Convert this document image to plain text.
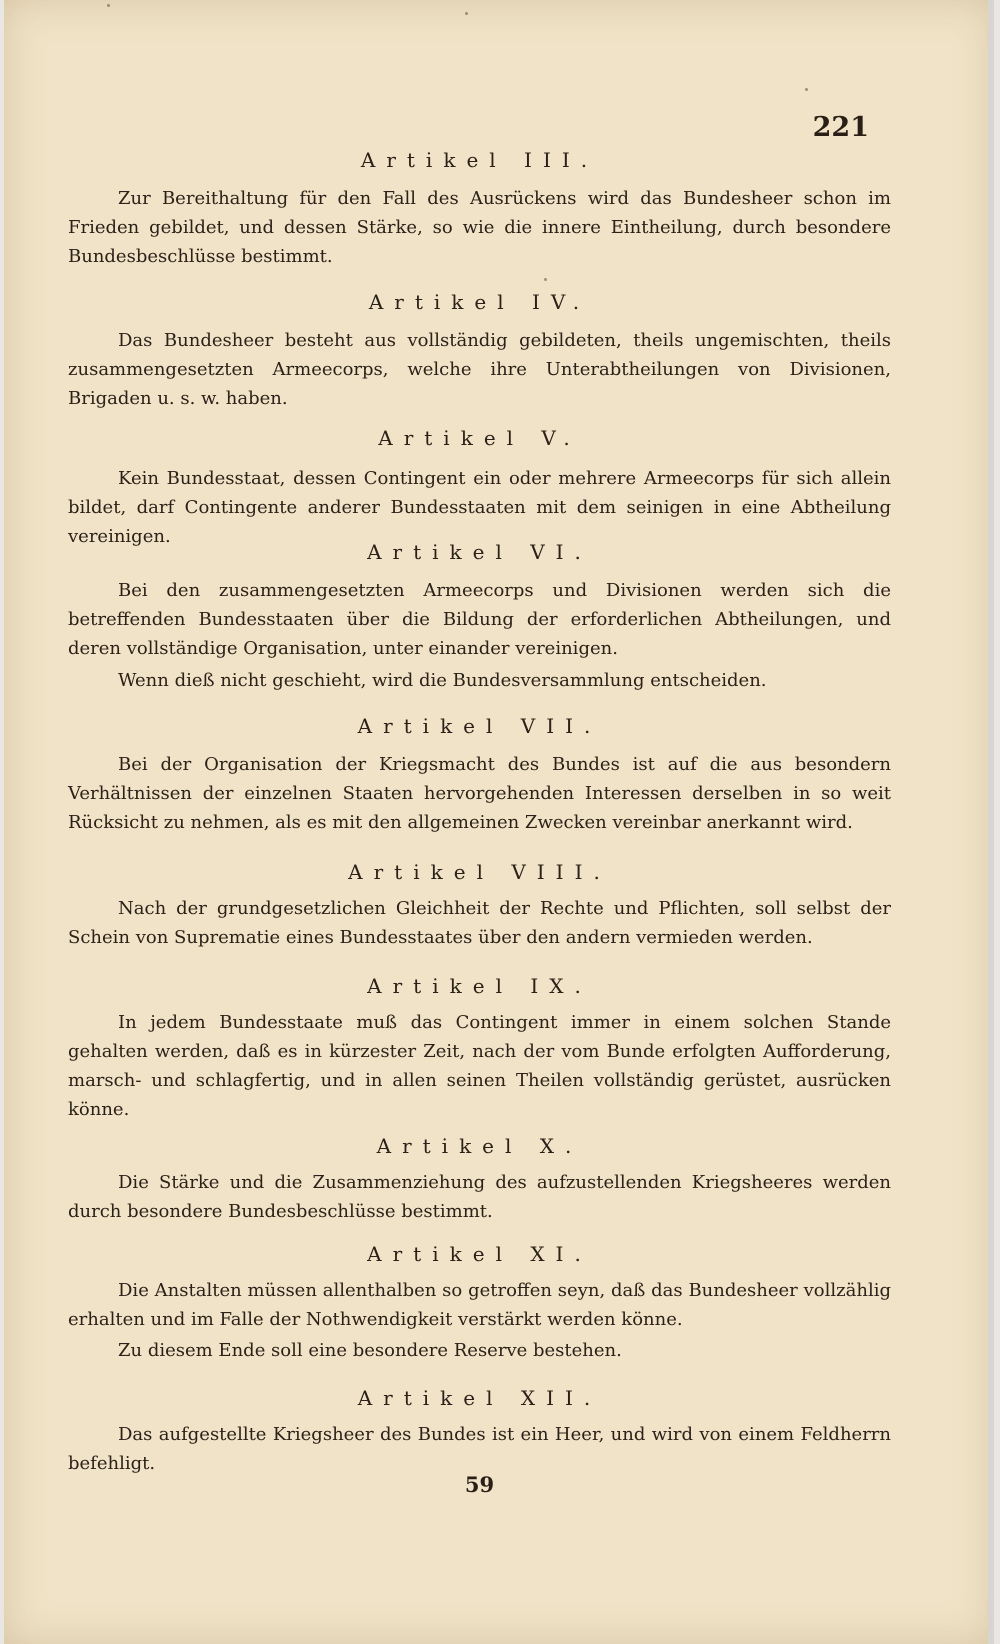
221
Artikel III.

Zur Bereithaltung für den Fall des Ausrückens wird das Bundesheer schon im Frieden gebildet, und dessen Stärke, so wie die innere Eintheilung, durch besondere Bundesbeschlüsse bestimmt.

Artikel IV.

Das Bundesheer besteht aus vollständig gebildeten, theils ungemischten, theils zusammengesetzten Armeecorps, welche ihre Unterabtheilungen von Divisionen, Brigaden u. s. w. haben.

Artikel V.

Kein Bundesstaat, dessen Contingent ein oder mehrere Armeecorps für sich allein bildet, darf Contingente anderer Bundesstaaten mit dem seinigen in eine Abtheilung vereinigen.

Artikel VI.

Bei den zusammengesetzten Armeecorps und Divisionen werden sich die betreffenden Bundesstaaten über die Bildung der erforderlichen Abtheilungen, und deren vollständige Organisation, unter einander vereinigen.

Wenn dieß nicht geschieht, wird die Bundesversammlung entscheiden.

Artikel VII.

Bei der Organisation der Kriegsmacht des Bundes ist auf die aus besondern Verhältnissen der einzelnen Staaten hervorgehenden Interessen derselben in so weit Rücksicht zu nehmen, als es mit den allgemeinen Zwecken vereinbar anerkannt wird.

Artikel VIII.

Nach der grundgesetzlichen Gleichheit der Rechte und Pflichten, soll selbst der Schein von Suprematie eines Bundesstaates über den andern vermieden werden.

Artikel IX.

In jedem Bundesstaate muß das Contingent immer in einem solchen Stande gehalten werden, daß es in kürzester Zeit, nach der vom Bunde erfolgten Aufforderung, marsch- und schlagfertig, und in allen seinen Theilen vollständig gerüstet, ausrücken könne.

Artikel X.

Die Stärke und die Zusammenziehung des aufzustellenden Kriegsheeres werden durch besondere Bundesbeschlüsse bestimmt.

Artikel XI.

Die Anstalten müssen allenthalben so getroffen seyn, daß das Bundesheer vollzählig erhalten und im Falle der Nothwendigkeit verstärkt werden könne.

Zu diesem Ende soll eine besondere Reserve bestehen.

Artikel XII.

Das aufgestellte Kriegsheer des Bundes ist ein Heer, und wird von einem Feldherrn befehligt.

59
